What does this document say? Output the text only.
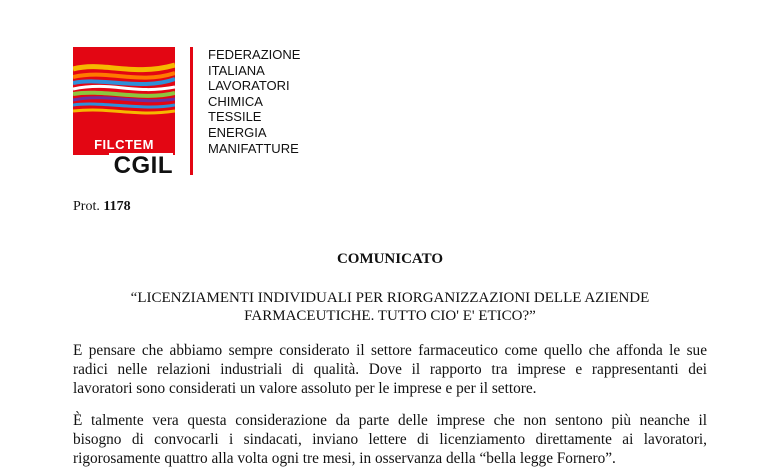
FILCTEM
CGIL
FEDERAZIONE
ITALIANA
LAVORATORI
CHIMICA
TESSILE
ENERGIA
MANIFATTURE
Prot. 1178
COMUNICATO
“LICENZIAMENTI INDIVIDUALI PER RIORGANIZZAZIONI DELLE AZIENDE
FARMACEUTICHE. TUTTO CIO' E' ETICO?”
E pensare che abbiamo sempre considerato il settore farmaceutico come quello che affonda le sue
radici nelle relazioni industriali di qualità. Dove il rapporto tra imprese e rappresentanti dei
lavoratori sono considerati un valore assoluto per le imprese e per il settore.
È talmente vera questa considerazione da parte delle imprese che non sentono più neanche il
bisogno di convocarli i sindacati, inviano lettere di licenziamento direttamente ai lavoratori,
rigorosamente quattro alla volta ogni tre mesi, in osservanza della “bella legge Fornero”.
